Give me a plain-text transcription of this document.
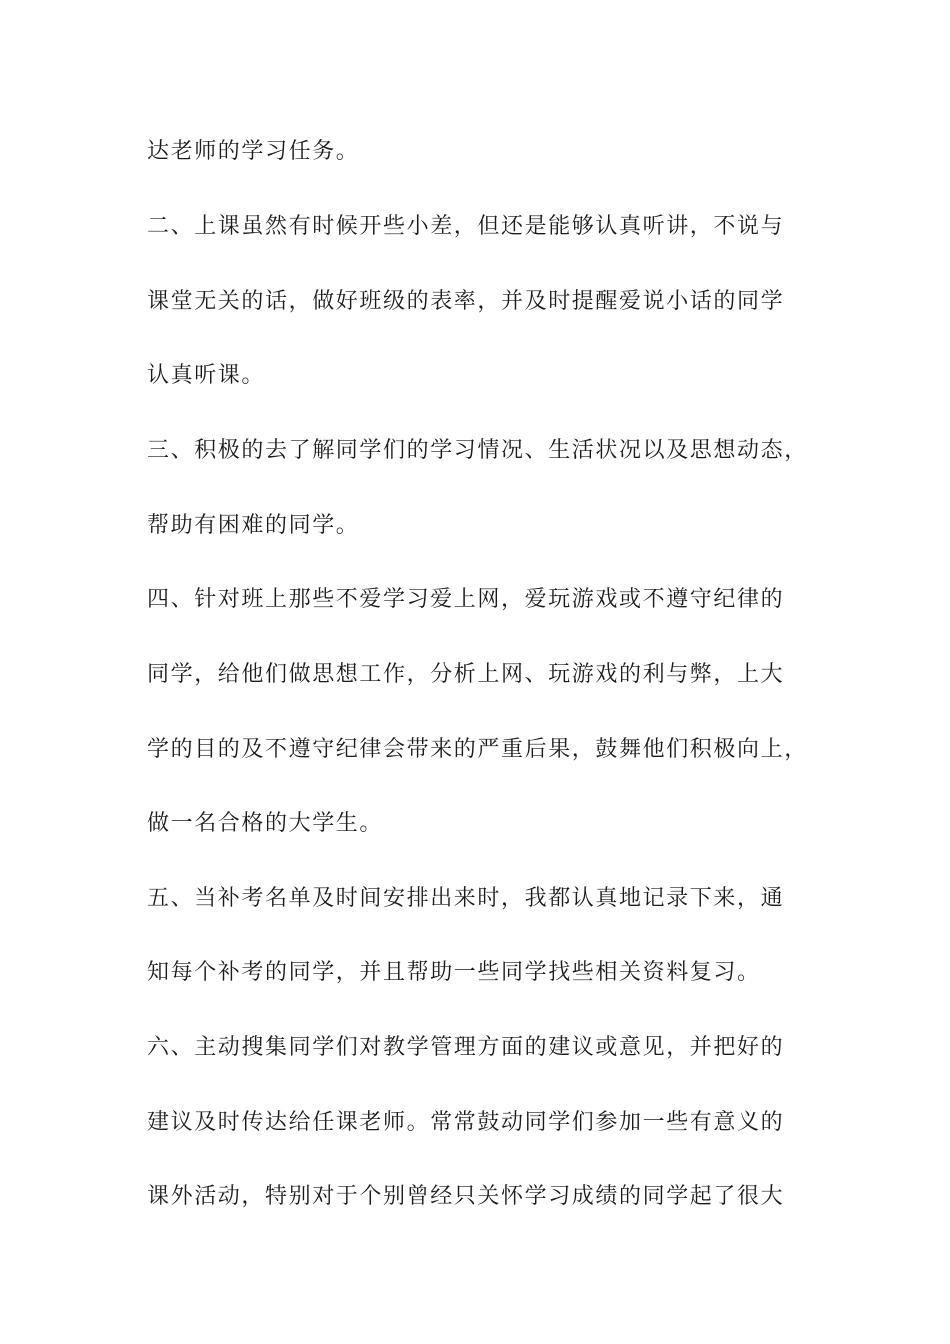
达老师的学习任务。
二、上课虽然有时候开些小差，但还是能够认真听讲，不说与
课堂无关的话，做好班级的表率，并及时提醒爱说小话的同学
认真听课。
三、积极的去了解同学们的学习情况、生活状况以及思想动态，
帮助有困难的同学。
四、针对班上那些不爱学习爱上网，爱玩游戏或不遵守纪律的
同学，给他们做思想工作，分析上网、玩游戏的利与弊，上大
学的目的及不遵守纪律会带来的严重后果，鼓舞他们积极向上，
做一名合格的大学生。
五、当补考名单及时间安排出来时，我都认真地记录下来，通
知每个补考的同学，并且帮助一些同学找些相关资料复习。
六、主动搜集同学们对教学管理方面的建议或意见，并把好的
建议及时传达给任课老师。常常鼓动同学们参加一些有意义的
课外活动，特别对于个别曾经只关怀学习成绩的同学起了很大
